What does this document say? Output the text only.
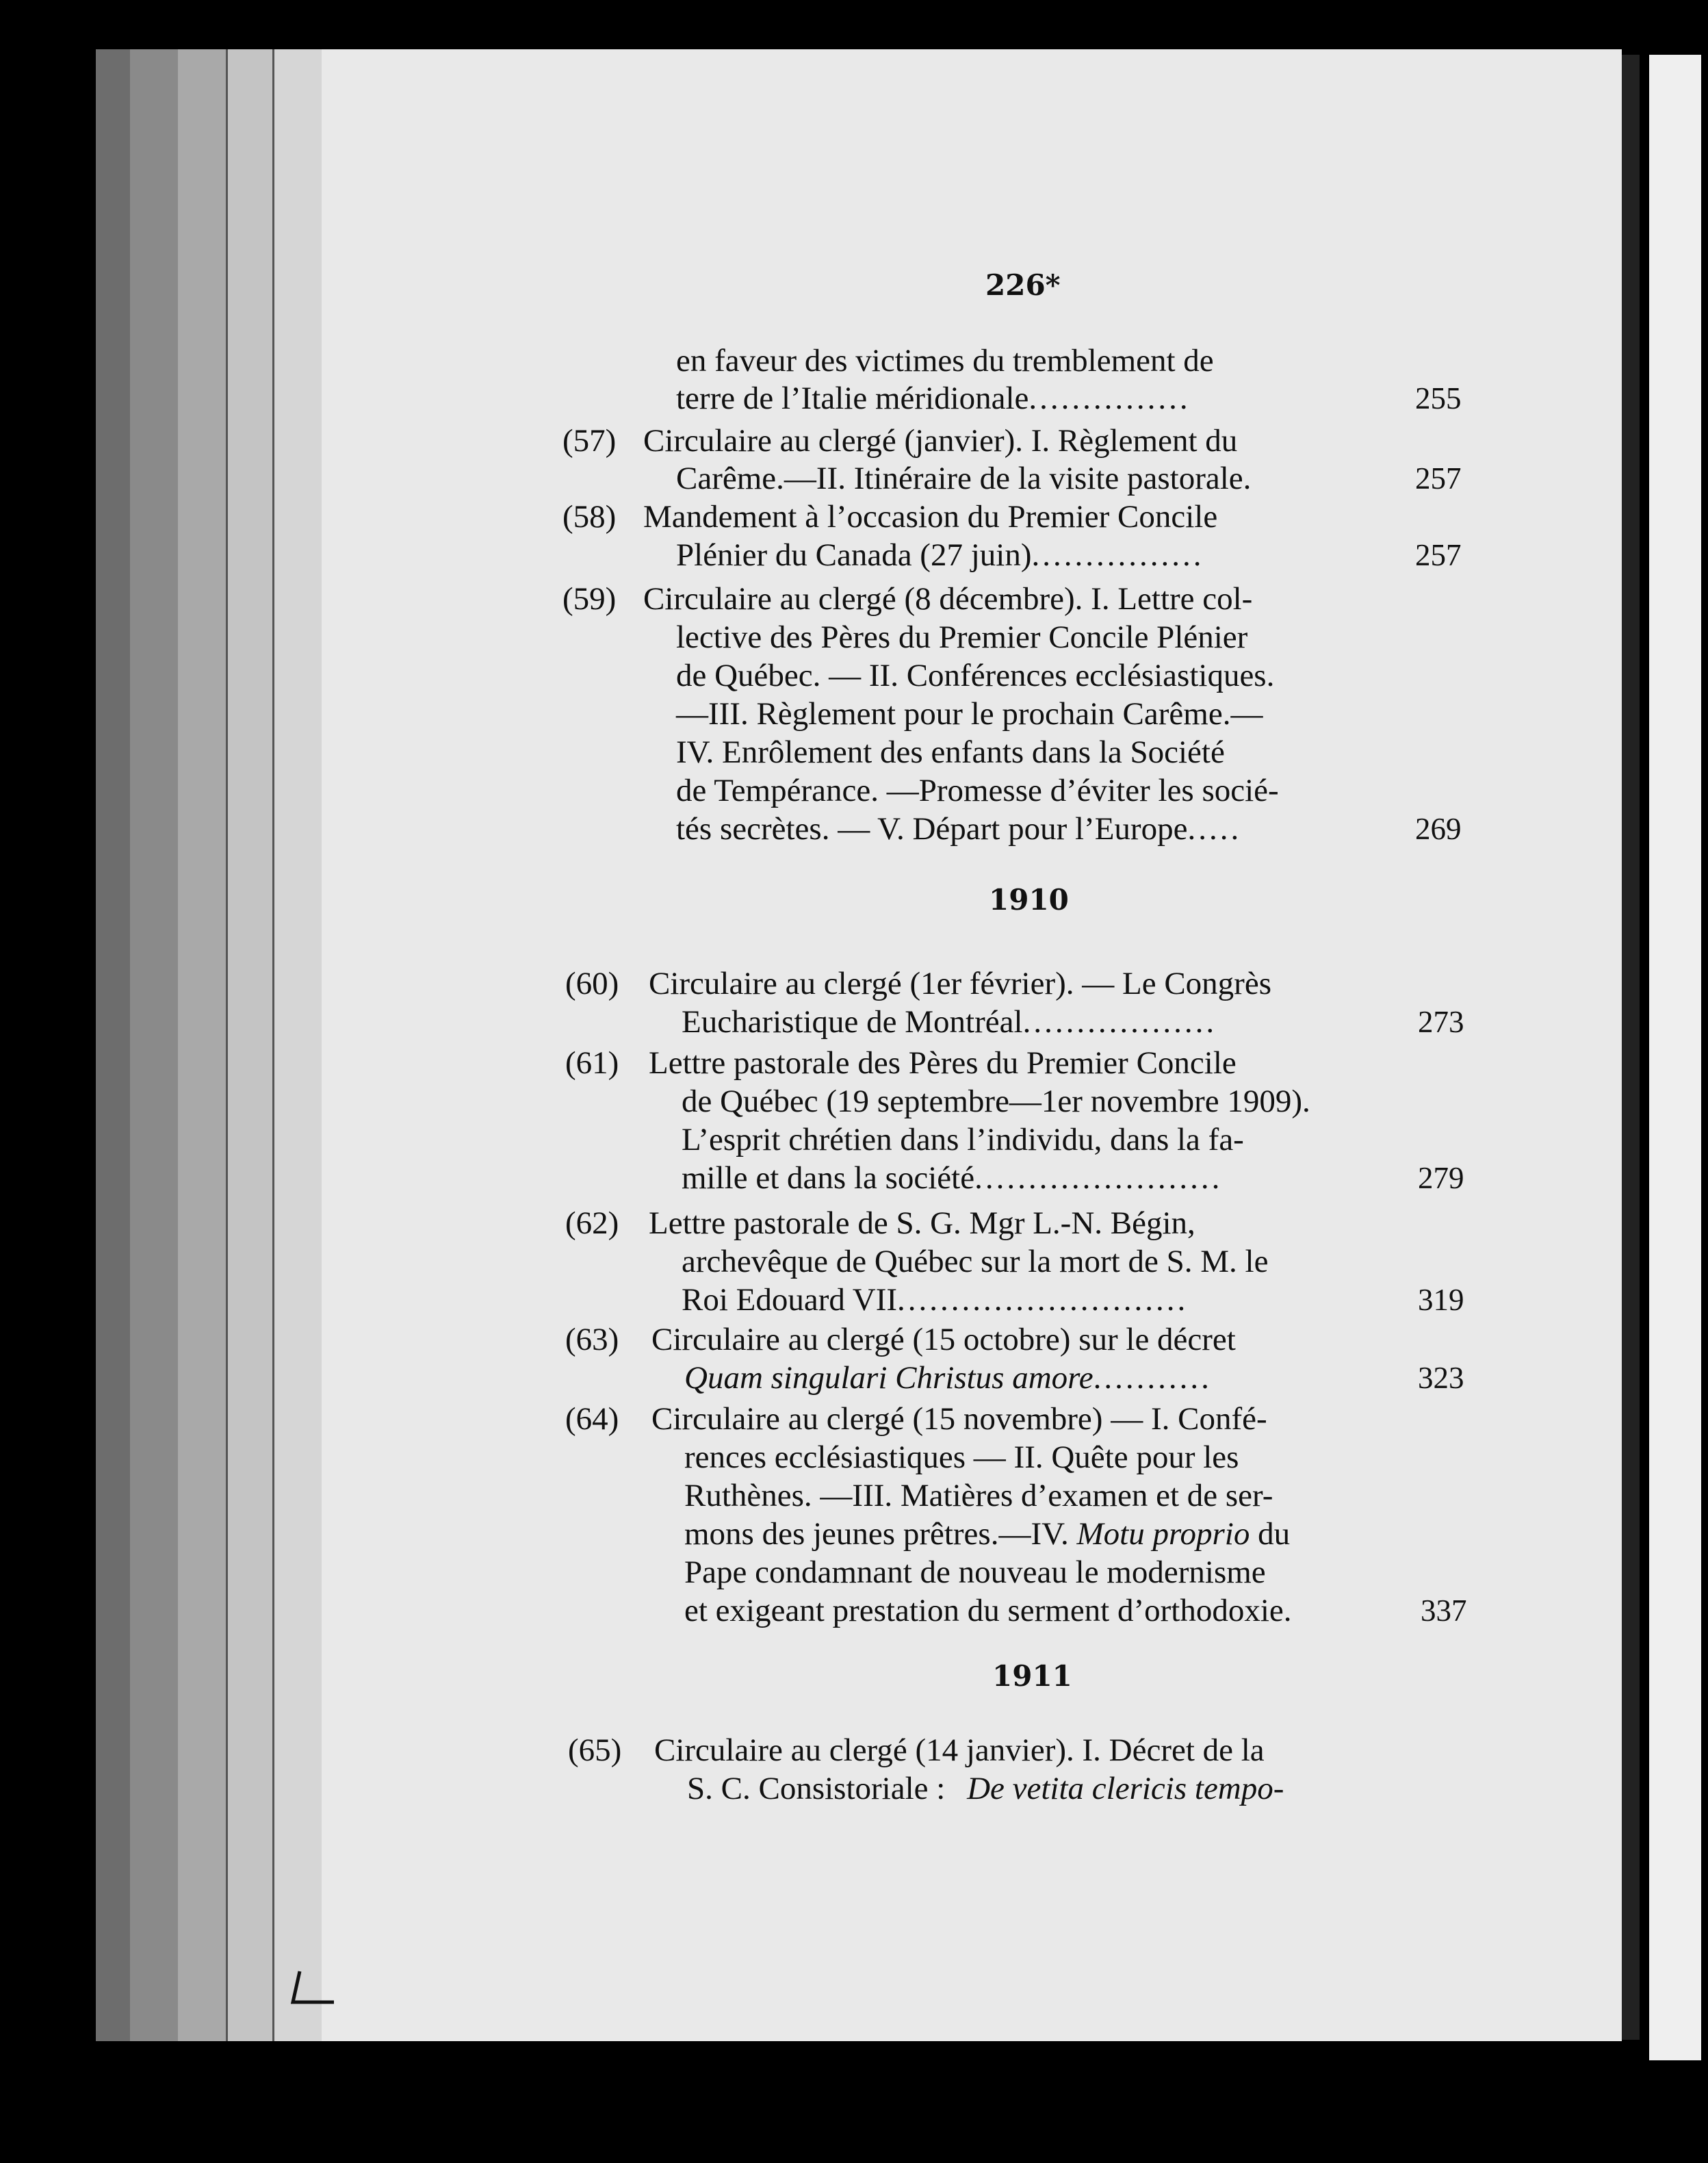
226*
en faveur des victimes du tremblement de
terre de l’Italie méridionale...............	255
(57) Circulaire au clergé (janvier). I. Règlement du
Carême.—II. Itinéraire de la visite pastorale.	257
(58) Mandement à l’occasion du Premier Concile
Plénier du Canada (27 juin)................	257
(59) Circulaire au clergé (8 décembre). I. Lettre col-
lective des Pères du Premier Concile Plénier
de Québec. — II. Conférences ecclésiastiques.
—III. Règlement pour le prochain Carême.—
IV. Enrôlement des enfants dans la Société
de Tempérance. —Promesse d’éviter les socié-
tés secrètes. — V. Départ pour l’Europe.....	269
1910
(60) Circulaire au clergé (1er février). — Le Congrès
Eucharistique de Montréal..................	273
(61) Lettre pastorale des Pères du Premier Concile
de Québec (19 septembre—1er novembre 1909).
L’esprit chrétien dans l’individu, dans la fa-
mille et dans la société.......................	279
(62) Lettre pastorale de S. G. Mgr L.-N. Bégin,
archevêque de Québec sur la mort de S. M. le
Roi Edouard VII...........................	319
(63) Circulaire au clergé (15 octobre) sur le décret
Quam singulari Christus amore...........	323
(64) Circulaire au clergé (15 novembre) — I. Confé-
rences ecclésiastiques — II. Quête pour les
Ruthènes. —III. Matières d’examen et de ser-
mons des jeunes prêtres.—IV. Motu proprio du
Pape condamnant de nouveau le modernisme
et exigeant prestation du serment d’orthodoxie.	337
1911
(65) Circulaire au clergé (14 janvier). I. Décret de la
S. C. Consistoriale : De vetita clericis tempo-
